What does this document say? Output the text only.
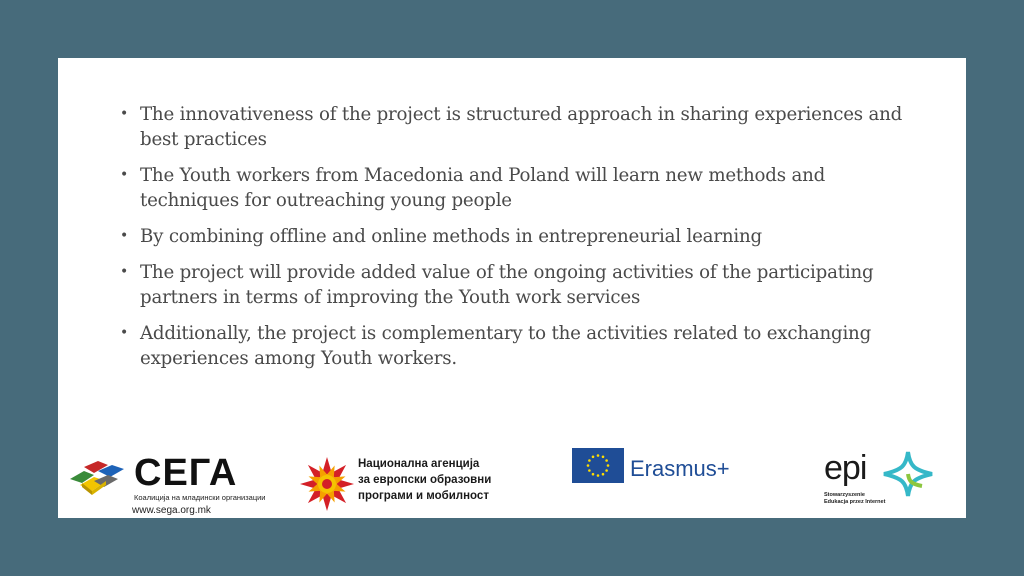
• The innovativeness of the project is structured approach in sharing experiences and best practices
• The Youth workers from Macedonia and Poland will learn new methods and techniques for outreaching young people
• By combining offline and online methods in entrepreneurial learning
• The project will provide added value of the ongoing activities of the participating partners in terms of improving the Youth work services
• Additionally, the project is complementary to the activities related to exchanging experiences among Youth workers.
СЕГА
Коалиција на младински организации
www.sega.org.mk
Национална агенција
за европски образовни
програми и мобилност
Erasmus+	epi
Stowarzyszenie
Edukacja przez Internet
